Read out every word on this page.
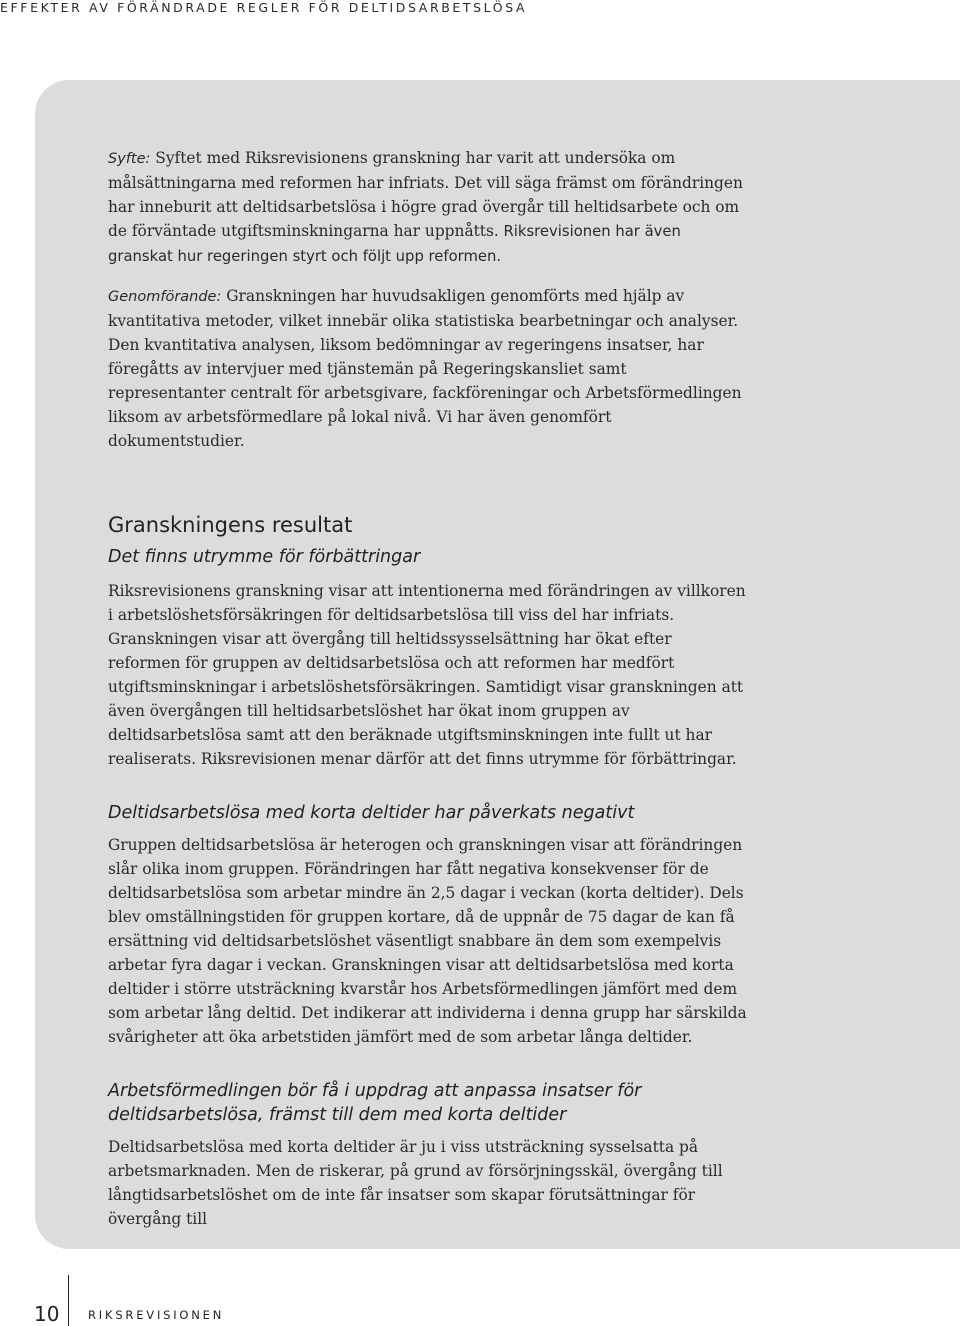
EFFEKTER AV FÖRÄNDRADE REGLER FÖR DELTIDSARBETSLÖSA

Syfte: Syftet med Riksrevisionens granskning har varit att undersöka om målsättningarna med reformen har infriats. Det vill säga främst om förändringen har inneburit att deltidsarbetslösa i högre grad övergår till heltidsarbete och om de förväntade utgiftsminskningarna har uppnåtts. Riksrevisionen har även granskat hur regeringen styrt och följt upp reformen.

Genomförande: Granskningen har huvudsakligen genomförts med hjälp av kvantitativa metoder, vilket innebär olika statistiska bearbetningar och analyser. Den kvantitativa analysen, liksom bedömningar av regeringens insatser, har föregåtts av intervjuer med tjänstemän på Regeringskansliet samt representanter centralt för arbetsgivare, fackföreningar och Arbetsförmedlingen liksom av arbetsförmedlare på lokal nivå. Vi har även genomfört dokumentstudier.

Granskningens resultat
Det finns utrymme för förbättringar

Riksrevisionens granskning visar att intentionerna med förändringen av villkoren i arbetslöshetsförsäkringen för deltidsarbetslösa till viss del har infriats. Granskningen visar att övergång till heltidssysselsättning har ökat efter reformen för gruppen av deltidsarbetslösa och att reformen har medfört utgiftsminskningar i arbetslöshetsförsäkringen. Samtidigt visar granskningen att även övergången till heltidsarbetslöshet har ökat inom gruppen av deltidsarbetslösa samt att den beräknade utgiftsminskningen inte fullt ut har realiserats. Riksrevisionen menar därför att det finns utrymme för förbättringar.

Deltidsarbetslösa med korta deltider har påverkats negativt

Gruppen deltidsarbetslösa är heterogen och granskningen visar att förändringen slår olika inom gruppen. Förändringen har fått negativa konsekvenser för de deltidsarbetslösa som arbetar mindre än 2,5 dagar i veckan (korta deltider). Dels blev omställningstiden för gruppen kortare, då de uppnår de 75 dagar de kan få ersättning vid deltidsarbetslöshet väsentligt snabbare än dem som exempelvis arbetar fyra dagar i veckan. Granskningen visar att deltidsarbetslösa med korta deltider i större utsträckning kvarstår hos Arbetsförmedlingen jämfört med dem som arbetar lång deltid. Det indikerar att individerna i denna grupp har särskilda svårigheter att öka arbetstiden jämfört med de som arbetar långa deltider.

Arbetsförmedlingen bör få i uppdrag att anpassa insatser för deltidsarbetslösa, främst till dem med korta deltider

Deltidsarbetslösa med korta deltider är ju i viss utsträckning sysselsatta på arbetsmarknaden. Men de riskerar, på grund av försörjningsskäl, övergång till långtidsarbetslöshet om de inte får insatser som skapar förutsättningar för övergång till

10 RIKSREVISIONEN
